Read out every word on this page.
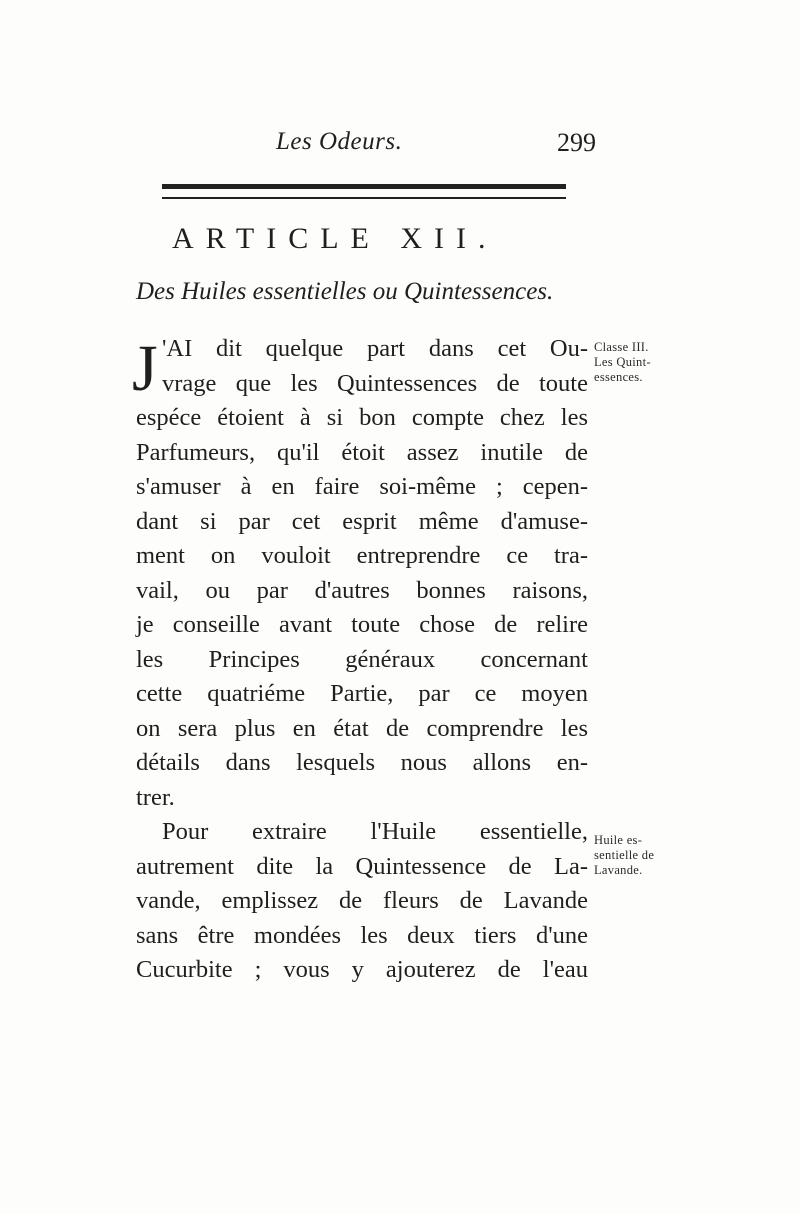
Les Odeurs.	299
ARTICLE XII.
Des Huiles essentielles ou Quintessences.
J 'AI dit quelque part dans cet Ou-
vrage que les Quintessences de toute
espéce étoient à si bon compte chez les
Parfumeurs, qu'il étoit assez inutile de
s'amuser à en faire soi-même ; cepen-
dant si par cet esprit même d'amuse-
ment on vouloit entreprendre ce tra-
vail, ou par d'autres bonnes raisons,
je conseille avant toute chose de relire
les Principes généraux concernant
cette quatriéme Partie, par ce moyen
on sera plus en état de comprendre les
détails dans lesquels nous allons en-
trer.
Pour extraire l'Huile essentielle,
autrement dite la Quintessence de La-
vande, emplissez de fleurs de Lavande
sans être mondées les deux tiers d'une
Cucurbite ; vous y ajouterez de l'eau
Classe III.
Les Quint-
essences.
Huile es-
sentielle de
Lavande.
